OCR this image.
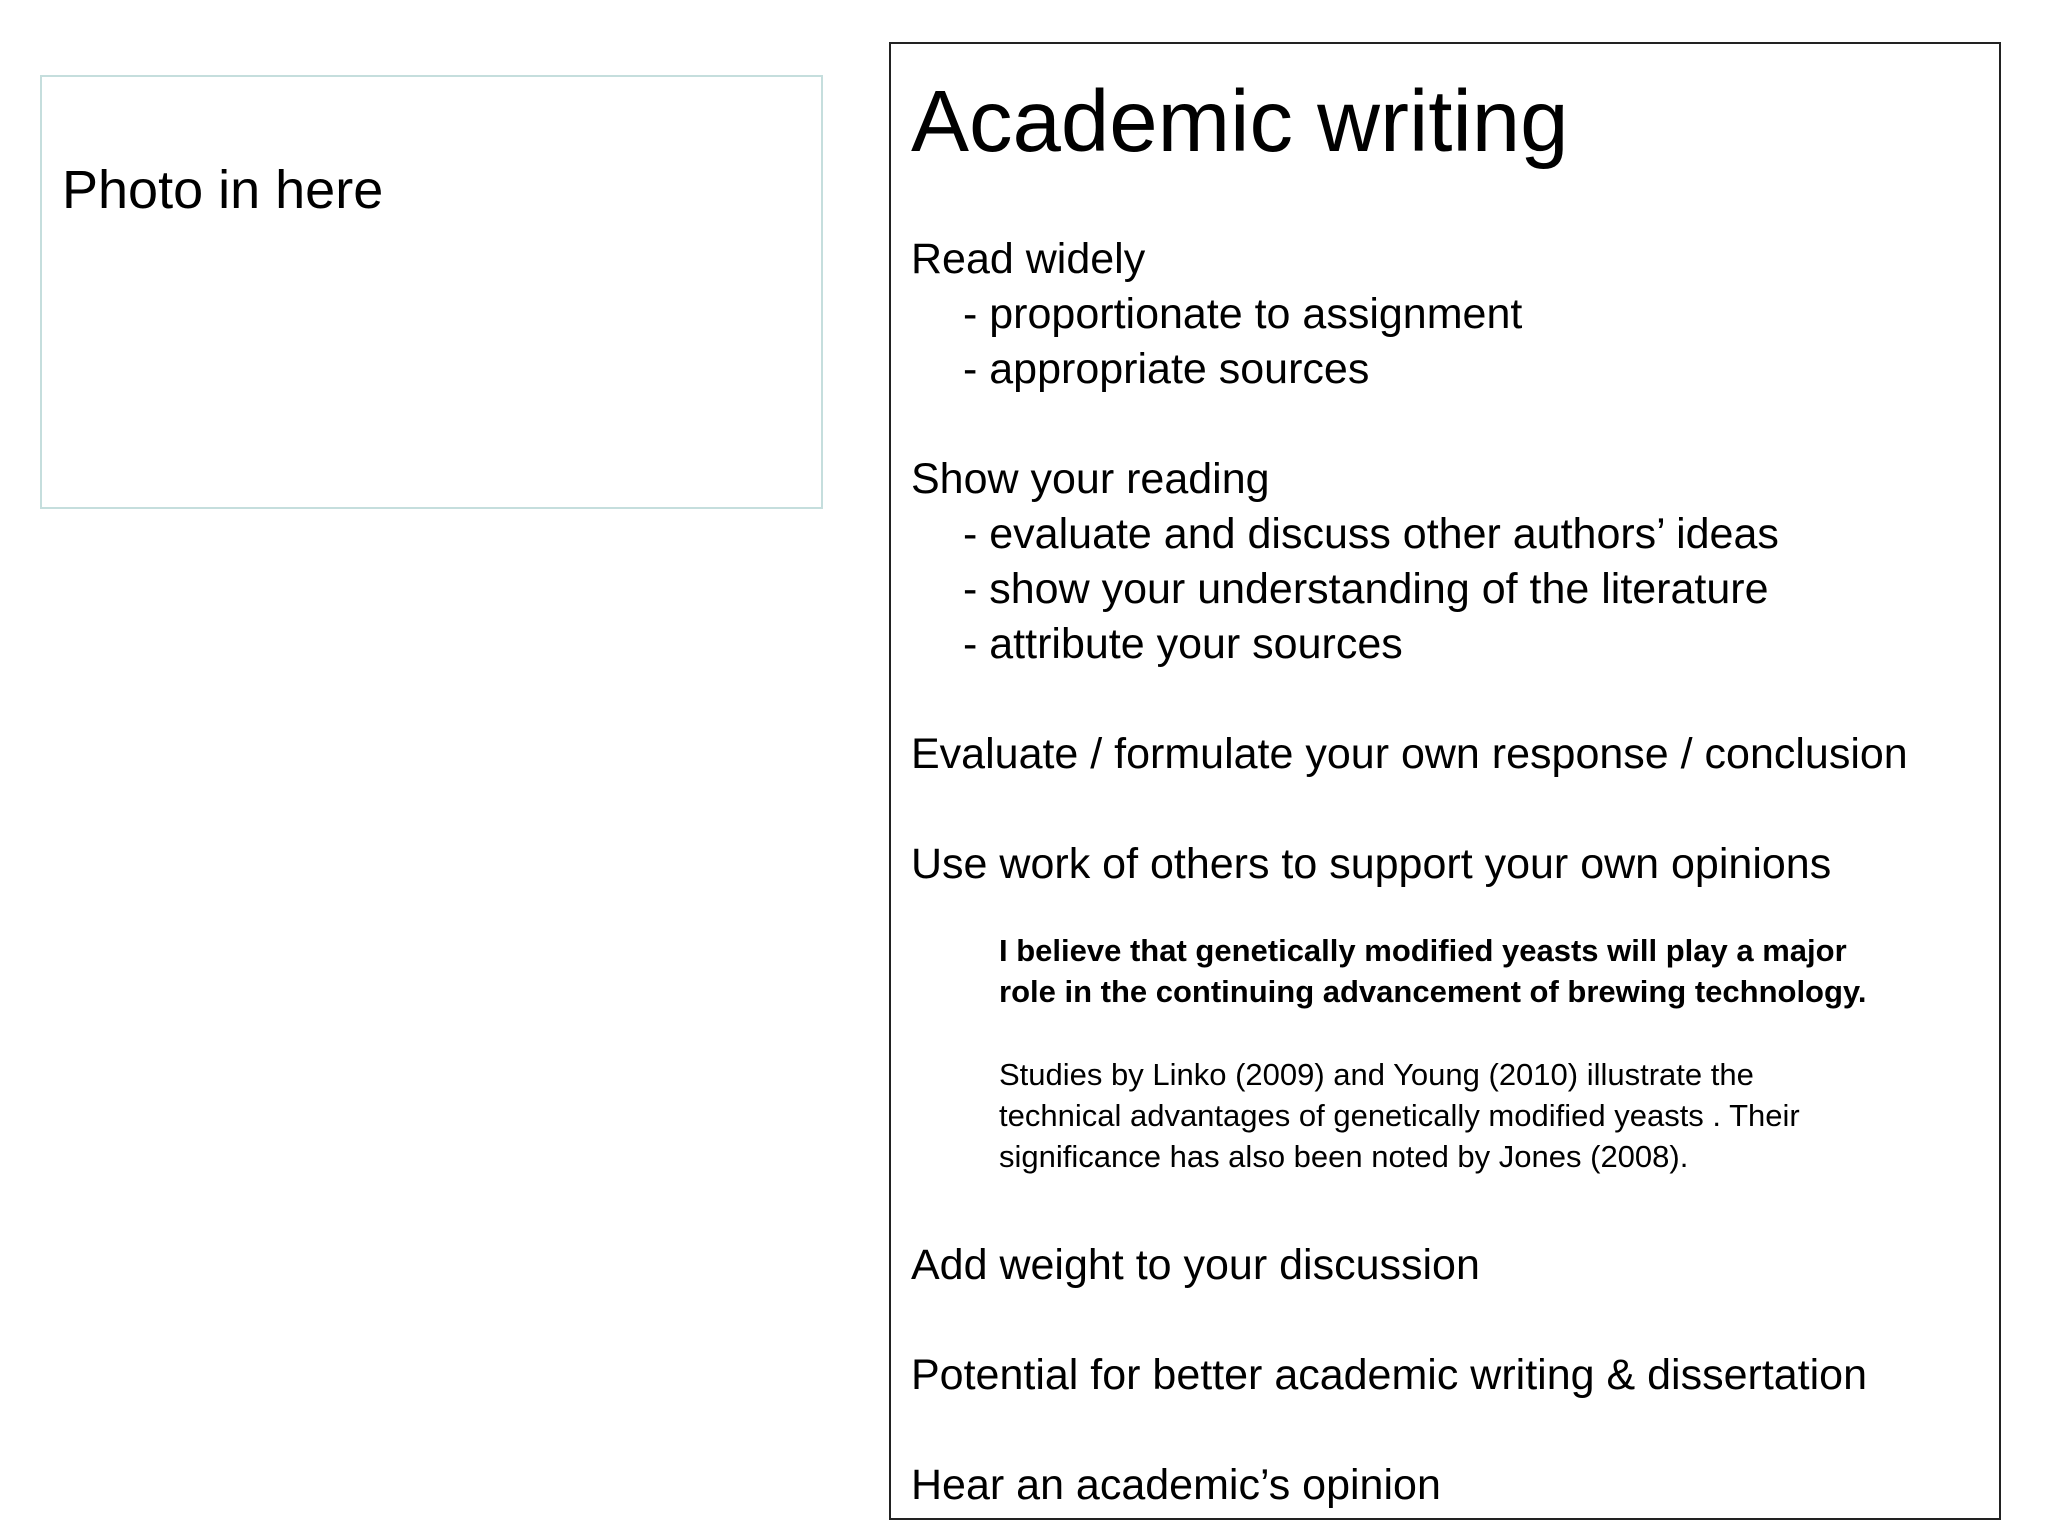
Photo in here
Academic writing
Read widely
- proportionate to assignment
- appropriate sources
Show your reading
- evaluate and discuss other authors’ ideas
- show your understanding of the literature
- attribute your sources
Evaluate / formulate your own response / conclusion
Use work of others to support your own opinions
I believe that genetically modified yeasts will play a major
role in the continuing advancement of brewing technology.
Studies by Linko (2009) and Young (2010) illustrate the
technical advantages of genetically modified yeasts . Their
significance has also been noted by Jones (2008).
Add weight to your discussion
Potential for better academic writing & dissertation
Hear an academic’s opinion
